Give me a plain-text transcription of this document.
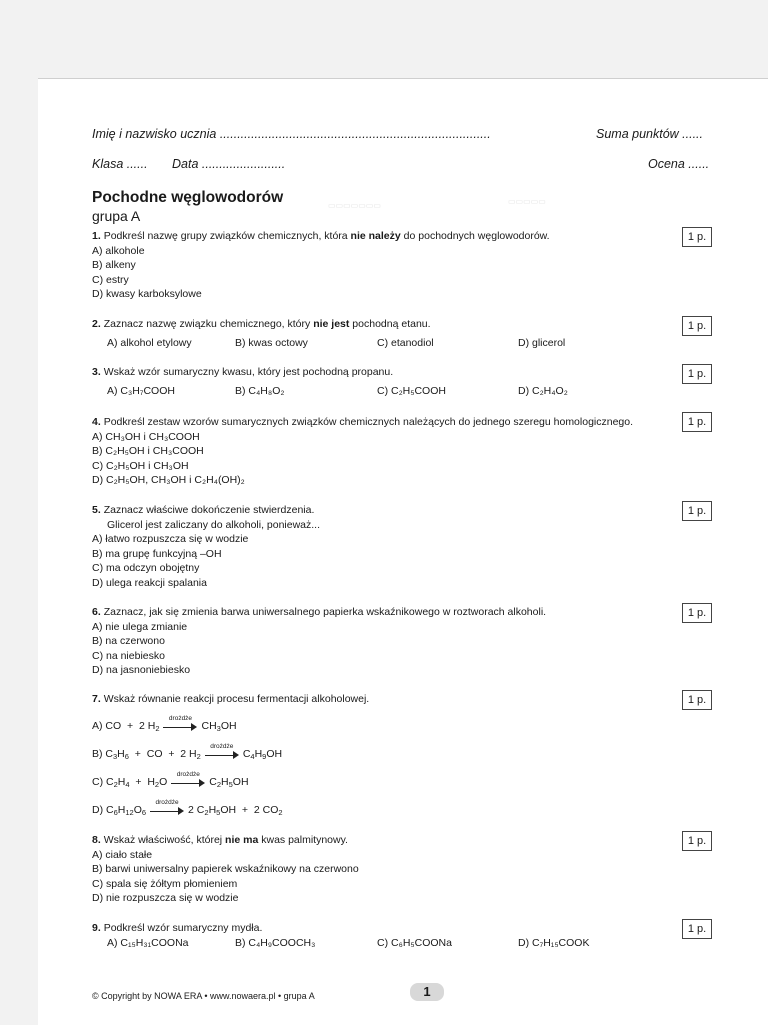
▭▭▭▭▭▭▭	▭▭▭▭▭
Imię i nazwisko ucznia ..............................................................................	Suma punktów ......
Klasa ...... Data ........................	Ocena ......
Pochodne węglowodorów
grupa A
1. Podkreśl nazwę grupy związków chemicznych, która nie należy do pochodnych węglowodorów.
A) alkohole
B) alkeny
C) estry
D) kwasy karboksylowe
1 p.
2. Zaznacz nazwę związku chemicznego, który nie jest pochodną etanu.
A) alkohol etylowy	B) kwas octowy	C) etanodiol	D) glicerol
1 p.
3. Wskaż wzór sumaryczny kwasu, który jest pochodną propanu.
A) C₃H₇COOH	B) C₄H₈O₂	C) C₂H₅COOH	D) C₂H₄O₂
1 p.
4. Podkreśl zestaw wzorów sumarycznych związków chemicznych należących do jednego szeregu homologicznego.
A) CH₃OH i CH₃COOH
B) C₂H₅OH i CH₃COOH
C) C₂H₅OH i CH₃OH
D) C₂H₅OH, CH₃OH i C₂H₄(OH)₂
1 p.
5. Zaznacz właściwe dokończenie stwierdzenia.
Glicerol jest zaliczany do alkoholi, ponieważ...
A) łatwo rozpuszcza się w wodzie
B) ma grupę funkcyjną –OH
C) ma odczyn obojętny
D) ulega reakcji spalania
1 p.
6. Zaznacz, jak się zmienia barwa uniwersalnego papierka wskaźnikowego w roztworach alkoholi.
A) nie ulega zmianie
B) na czerwono
C) na niebiesko
D) na jasnoniebiesko
1 p.
7. Wskaż równanie reakcji procesu fermentacji alkoholowej.
A) CO  +  2 $H_2$
drożdże
$CH_3OH$
B) $C_3H_6$  +  CO  +  2 $H_2$
drożdże
$C_4H_9OH$
C) $C_2H_4 + H_2O$
drożdże
$C_2H_5OH$
D) $C_6H_{12}O_6$
drożdże
2 $C_2H_5OH + 2$ $CO_2$
1 p.
8. Wskaż właściwość, której nie ma kwas palmitynowy.
A) ciało stałe
B) barwi uniwersalny papierek wskaźnikowy na czerwono
C) spala się żółtym płomieniem
D) nie rozpuszcza się w wodzie
1 p.
9. Podkreśl wzór sumaryczny mydła.
A) C₁₅H₃₁COONa	B) C₄H₉COOCH₃	C) C₆H₅COONa	D) C₇H₁₅COOK
1 p.
© Copyright by NOWA ERA • www.nowaera.pl • grupa A	1
